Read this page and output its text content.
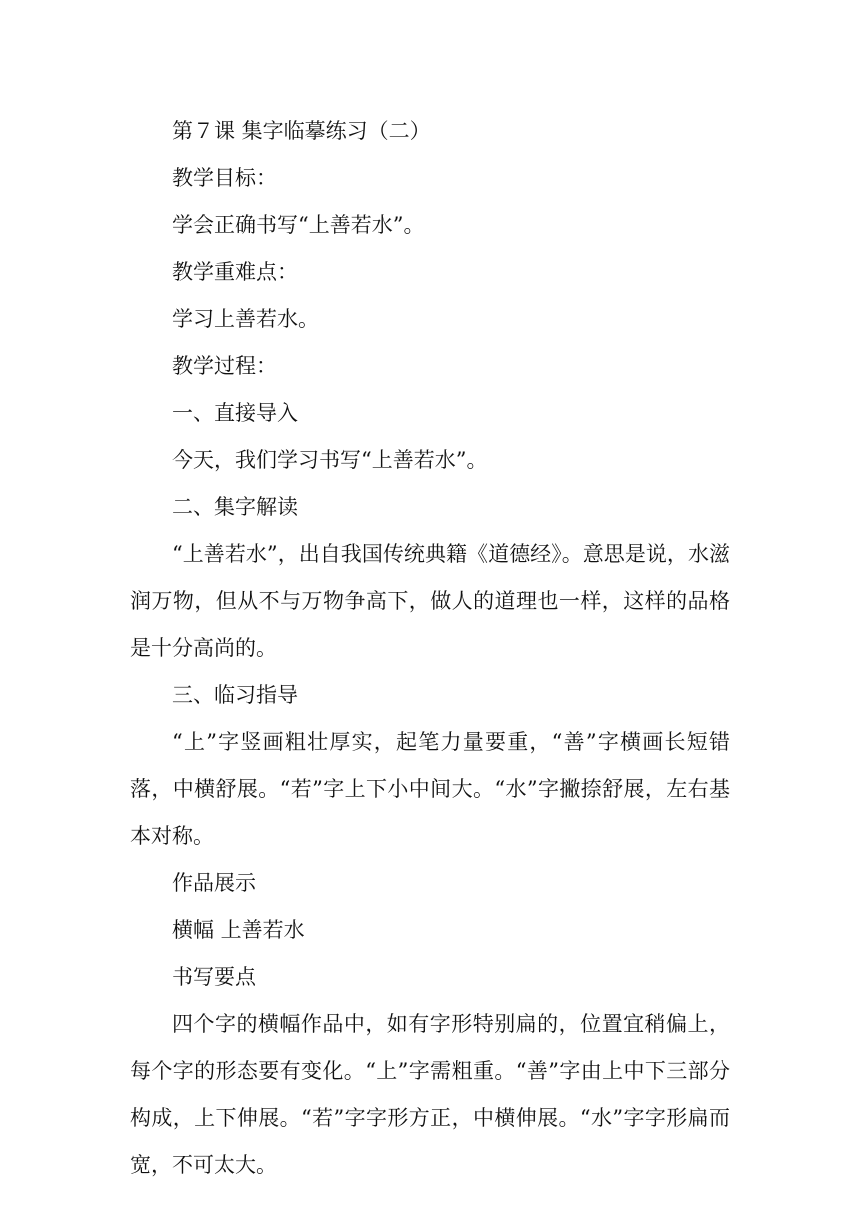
第７课 集字临摹练习（二）

教学目标：

学会正确书写“上善若水”。

教学重难点：

学习上善若水。

教学过程：

一、直接导入

今天，我们学习书写“上善若水”。

二、集字解读

“上善若水”，出自我国传统典籍《道德经》。意思是说，水滋润万物，但从不与万物争高下，做人的道理也一样，这样的品格是十分高尚的。

三、临习指导

“上”字竖画粗壮厚实，起笔力量要重，“善”字横画长短错落，中横舒展。“若”字上下小中间大。“水”字撇捺舒展，左右基本对称。

作品展示

横幅 上善若水

书写要点

四个字的横幅作品中，如有字形特别扁的，位置宜稍偏上，每个字的形态要有变化。“上”字需粗重。“善”字由上中下三部分构成，上下伸展。“若”字字形方正，中横伸展。“水”字字形扁而宽，不可太大。
